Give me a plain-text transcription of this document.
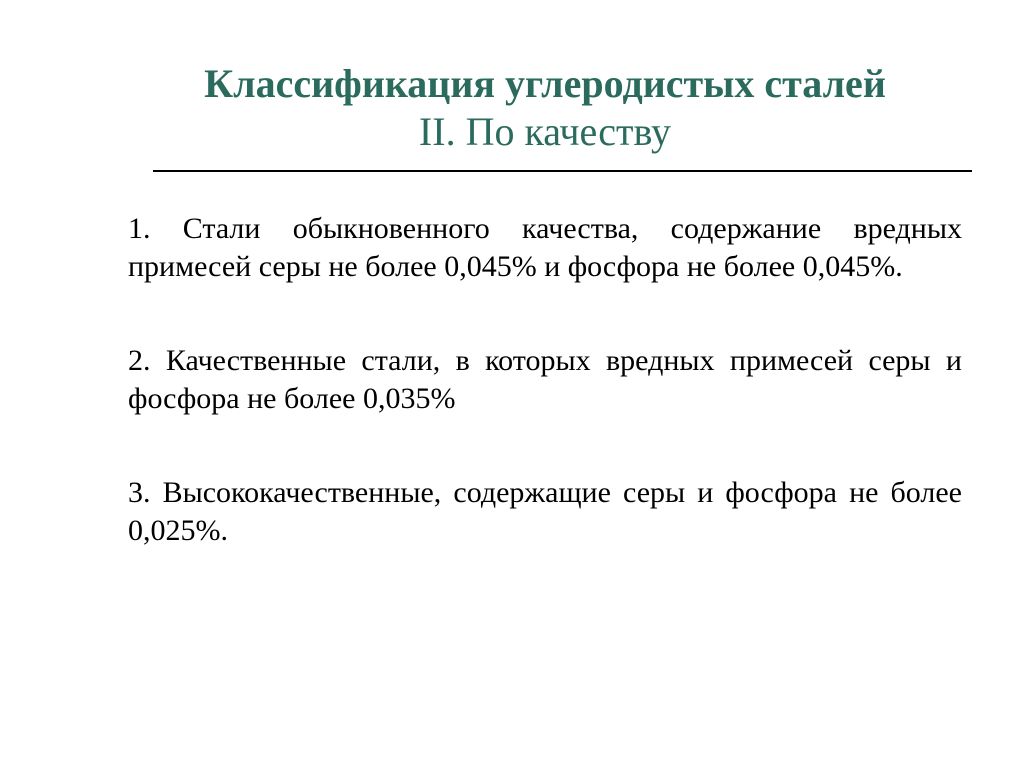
Классификация углеродистых сталей
II. По качеству

1. Стали обыкновенного качества, содержание вредных примесей серы не более 0,045% и фосфора не более 0,045%.

2. Качественные стали, в которых вредных примесей серы и фосфора не более 0,035%

3. Высококачественные, содержащие серы и фосфора не более 0,025%.
